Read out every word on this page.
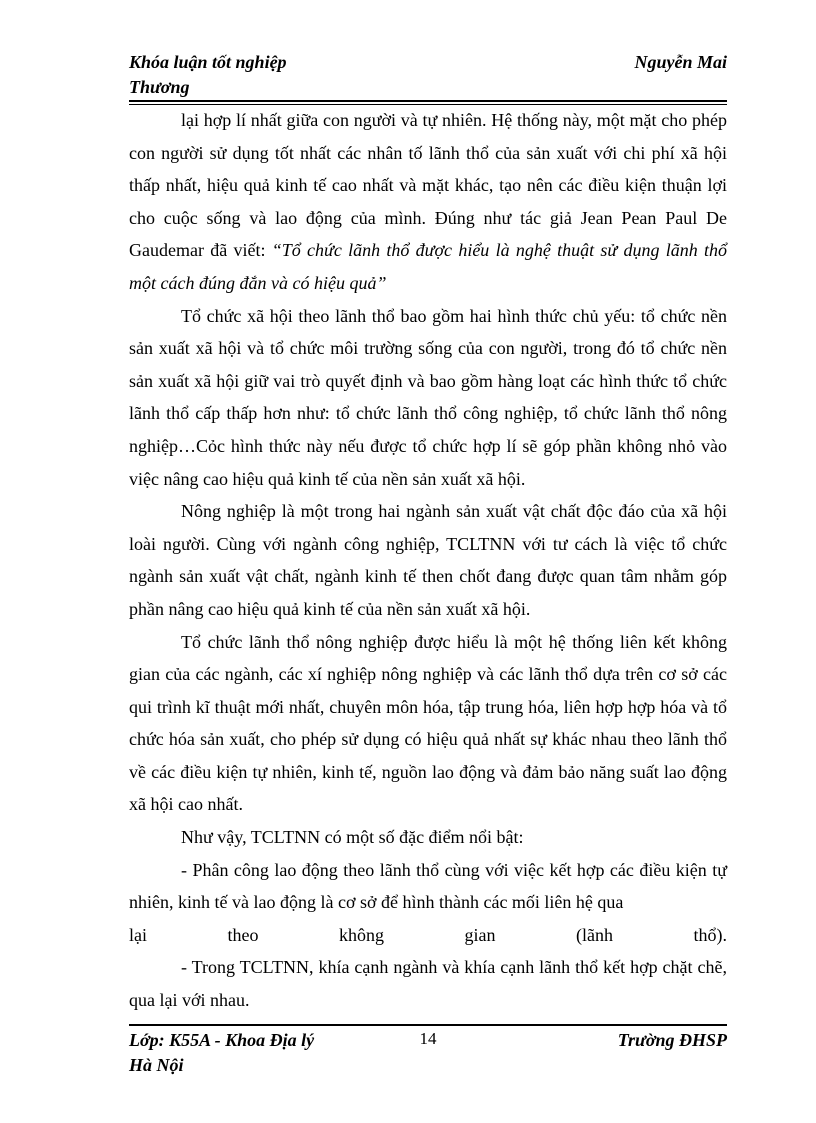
Khóa luận tốt nghiệp
Thương
Nguyễn Mai

lại hợp lí nhất giữa con người và tự nhiên. Hệ thống này, một mặt cho phép con người sử dụng tốt nhất các nhân tố lãnh thổ của sản xuất với chi phí xã hội thấp nhất, hiệu quả kinh tế cao nhất và mặt khác, tạo nên các điều kiện thuận lợi cho cuộc sống và lao động của mình. Đúng như tác giả Jean Pean Paul De Gaudemar đã viết: “Tổ chức lãnh thổ được hiểu là nghệ thuật sử dụng lãnh thổ một cách đúng đắn và có hiệu quả”

Tổ chức xã hội theo lãnh thổ bao gồm hai hình thức chủ yếu: tổ chức nền sản xuất xã hội và tổ chức môi trường sống của con người, trong đó tổ chức nền sản xuất xã hội giữ vai trò quyết định và bao gồm hàng loạt các hình thức tổ chức lãnh thổ cấp thấp hơn như: tổ chức lãnh thổ công nghiệp, tổ chức lãnh thổ nông nghiệp…Cỏc hình thức này nếu được tổ chức hợp lí sẽ góp phần không nhỏ vào việc nâng cao hiệu quả kinh tế của nền sản xuất xã hội.

Nông nghiệp là một trong hai ngành sản xuất vật chất độc đáo của xã hội loài người. Cùng với ngành công nghiệp, TCLTNN với tư cách là việc tổ chức ngành sản xuất vật chất, ngành kinh tế then chốt đang được quan tâm nhằm góp phần nâng cao hiệu quả kinh tế của nền sản xuất xã hội.

Tổ chức lãnh thổ nông nghiệp được hiểu là một hệ thống liên kết không gian của các ngành, các xí nghiệp nông nghiệp và các lãnh thổ dựa trên cơ sở các qui trình kĩ thuật mới nhất, chuyên môn hóa, tập trung hóa, liên hợp hợp hóa và tổ chức hóa sản xuất, cho phép sử dụng có hiệu quả nhất sự khác nhau theo lãnh thổ về các điều kiện tự nhiên, kinh tế, nguồn lao động và đảm bảo năng suất lao động xã hội cao nhất.

Như vậy, TCLTNN có một số đặc điểm nổi bật:

- Phân công lao động theo lãnh thổ cùng với việc kết hợp các điều kiện tự nhiên, kinh tế và lao động là cơ sở để hình thành các mối liên hệ qua

lại	theo	không	gian	(lãnh	thổ).

- Trong TCLTNN, khía cạnh ngành và khía cạnh lãnh thổ kết hợp chặt chẽ, qua lại với nhau.

Lớp: K55A - Khoa Địa lý
Hà Nội
14	Trường ĐHSP
